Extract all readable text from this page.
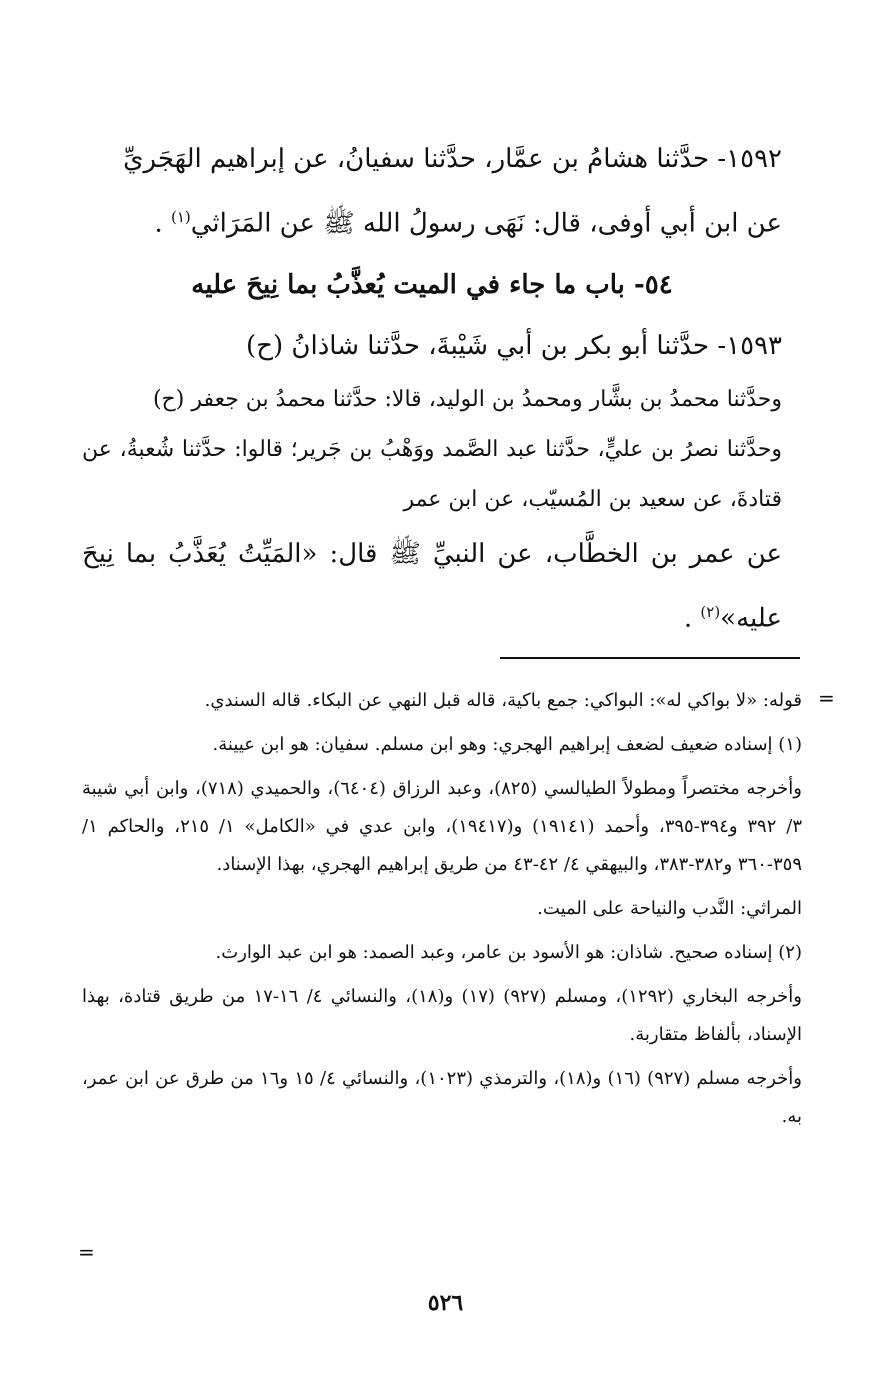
١٥٩٢- حدَّثنا هشامُ بن عمَّار، حدَّثنا سفيانُ، عن إبراهيم الهَجَريِّ

عن ابن أبي أوفى، قال: نَهَى رسولُ الله ﷺ عن المَرَاثي$^{(١)}$ .

٥٤- باب ما جاء في الميت يُعذَّبُ بما نِيحَ عليه

١٥٩٣- حدَّثنا أبو بكر بن أبي شَيْبةَ، حدَّثنا شاذانُ (ح)

وحدَّثنا محمدُ بن بشَّار ومحمدُ بن الوليد، قالا: حدَّثنا محمدُ بن جعفر (ح)

وحدَّثنا نصرُ بن عليٍّ، حدَّثنا عبد الصَّمد ووَهْبُ بن جَرير؛ قالوا: حدَّثنا شُعبةُ، عن قتادةَ، عن سعيد بن المُسيّب، عن ابن عمر

عن عمر بن الخطَّاب، عن النبيِّ ﷺ قال: «المَيِّتُ يُعَذَّبُ بما نِيحَ عليه»$^{(٢)}$ .

=

قوله: «لا بواكي له»: البواكي: جمع باكية، قاله قبل النهي عن البكاء. قاله السندي.

(١) إسناده ضعيف لضعف إبراهيم الهجري: وهو ابن مسلم. سفيان: هو ابن عيينة.

وأخرجه مختصراً ومطولاً الطيالسي (٨٢٥)، وعبد الرزاق (٦٤٠٤)، والحميدي (٧١٨)، وابن أبي شيبة ٣/ ٣٩٢ و٣٩٤-٣٩٥، وأحمد (١٩١٤١) و(١٩٤١٧)، وابن عدي في «الكامل» ١/ ٢١٥، والحاكم ١/ ٣٥٩-٣٦٠ و٣٨٢-٣٨٣، والبيهقي ٤/ ٤٢-٤٣ من طريق إبراهيم الهجري، بهذا الإسناد.

المراثي: النَّدب والنياحة على الميت.

(٢) إسناده صحيح. شاذان: هو الأسود بن عامر، وعبد الصمد: هو ابن عبد الوارث.

وأخرجه البخاري (١٢٩٢)، ومسلم (٩٢٧) (١٧) و(١٨)، والنسائي ٤/ ١٦-١٧ من طريق قتادة، بهذا الإسناد، بألفاظ متقاربة.

وأخرجه مسلم (٩٢٧) (١٦) و(١٨)، والترمذي (١٠٢٣)، والنسائي ٤/ ١٥ و١٦ من طرق عن ابن عمر، به.

=
٥٢٦
